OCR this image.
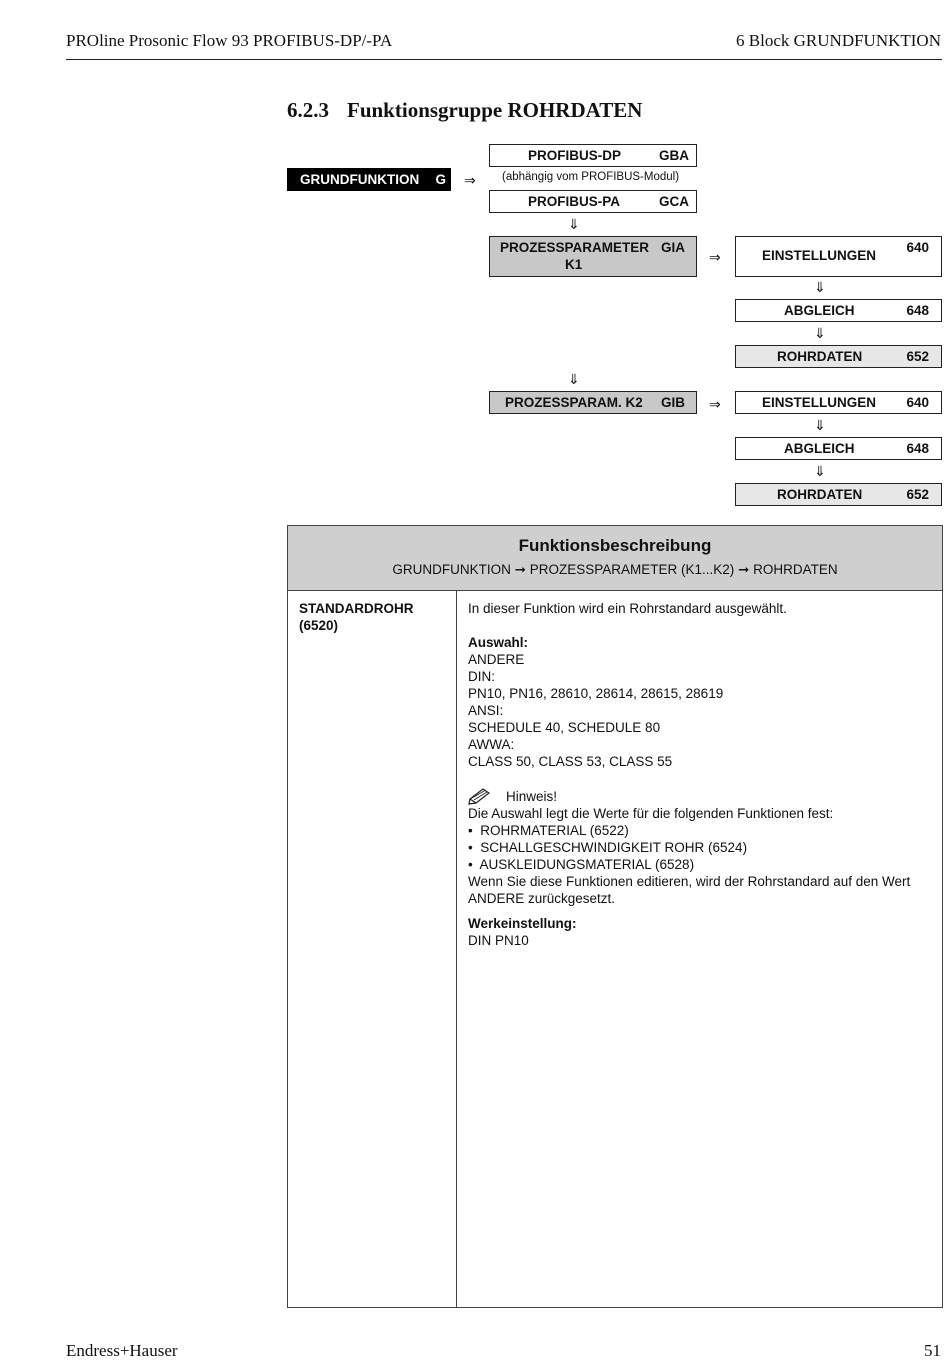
PROline Prosonic Flow 93 PROFIBUS-DP/-PA	6 Block GRUNDFUNKTION
6.2.3 Funktionsgruppe ROHRDATEN
GRUNDFUNKTION G ⇒
PROFIBUS-DP	GBA
(abhängig vom PROFIBUS-Modul)
PROFIBUS-PA	GCA
⇓
PROZESSPARAMETER
K1
GIA
⇒	EINSTELLUNGEN
640
⇓
ABGLEICH	648
⇓
ROHRDATEN	652
⇓
PROZESSPARAM. K2 GIB ⇒	EINSTELLUNGEN 640
⇓
ABGLEICH	648
⇓
ROHRDATEN	652
Funktionsbeschreibung
GRUNDFUNKTION ➞ PROZESSPARAMETER (K1...K2) ➞ ROHRDATEN
STANDARDROHR
(6520)

In dieser Funktion wird ein Rohrstandard ausgewählt.

Auswahl:

ANDERE

DIN:

PN10, PN16, 28610, 28614, 28615, 28619

ANSI:

SCHEDULE 40, SCHEDULE 80

AWWA:

CLASS 50, CLASS 53, CLASS 55

Hinweis!

Die Auswahl legt die Werte für die folgenden Funktionen fest:

• ROHRMATERIAL (6522)

• SCHALLGESCHWINDIGKEIT ROHR (6524)

• AUSKLEIDUNGSMATERIAL (6528)

Wenn Sie diese Funktionen editieren, wird der Rohrstandard auf den Wert ANDERE zurückgesetzt.

Werkeinstellung:

DIN PN10

Endress+Hauser	51
